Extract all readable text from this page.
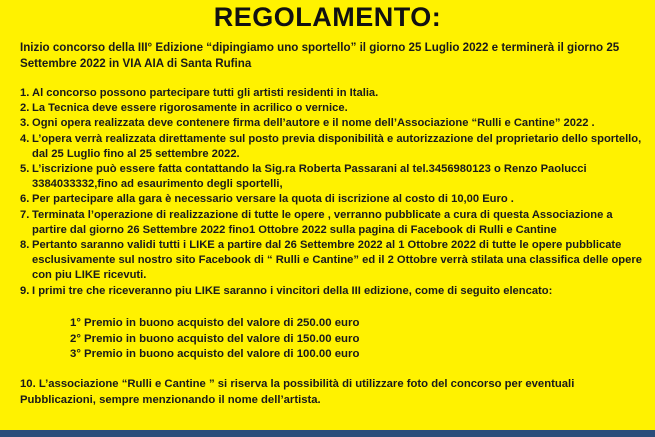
REGOLAMENTO:
Inizio concorso della III° Edizione “dipingiamo uno sportello” il giorno 25 Luglio 2022 e terminerà il giorno 25 Settembre 2022 in VIA AIA di Santa Rufina
1. Al concorso possono partecipare tutti gli artisti residenti in Italia.
2. La Tecnica deve essere rigorosamente in acrilico o vernice.
3. Ogni opera realizzata deve contenere firma dell’autore e il nome dell’Associazione “Rulli e Cantine” 2022 .
4. L’opera verrà realizzata direttamente sul posto previa disponibilità e autorizzazione del proprietario dello sportello, dal 25 Luglio fino al 25 settembre 2022.
5. L’iscrizione può essere fatta contattando la Sig.ra Roberta Passarani al tel.3456980123 o Renzo Paolucci 3384033332,fino ad esaurimento degli sportelli,
6. Per partecipare alla gara è necessario versare la quota di iscrizione al costo di 10,00 Euro .
7. Terminata l’operazione di realizzazione di tutte le opere , verranno pubblicate a cura di questa Associazione a partire dal giorno 26 Settembre 2022 fino1 Ottobre 2022 sulla pagina di Facebook di Rulli e Cantine
8. Pertanto saranno validi tutti i LIKE a partire dal 26 Settembre 2022 al 1 Ottobre 2022 di tutte le opere pubblicate esclusivamente sul nostro sito Facebook di “ Rulli e Cantine” ed il 2 Ottobre verrà stilata una classifica delle opere con piu LIKE ricevuti.
9. I primi tre che riceveranno piu LIKE saranno i vincitori della III edizione, come di seguito elencato:
1° Premio in buono acquisto del valore di 250.00 euro
2° Premio in buono acquisto del valore di 150.00 euro
3° Premio in buono acquisto del valore di 100.00 euro
10. L’associazione “Rulli e Cantine ” si riserva la possibilità di utilizzare foto del concorso per eventuali Pubblicazioni, sempre menzionando il nome dell’artista.
